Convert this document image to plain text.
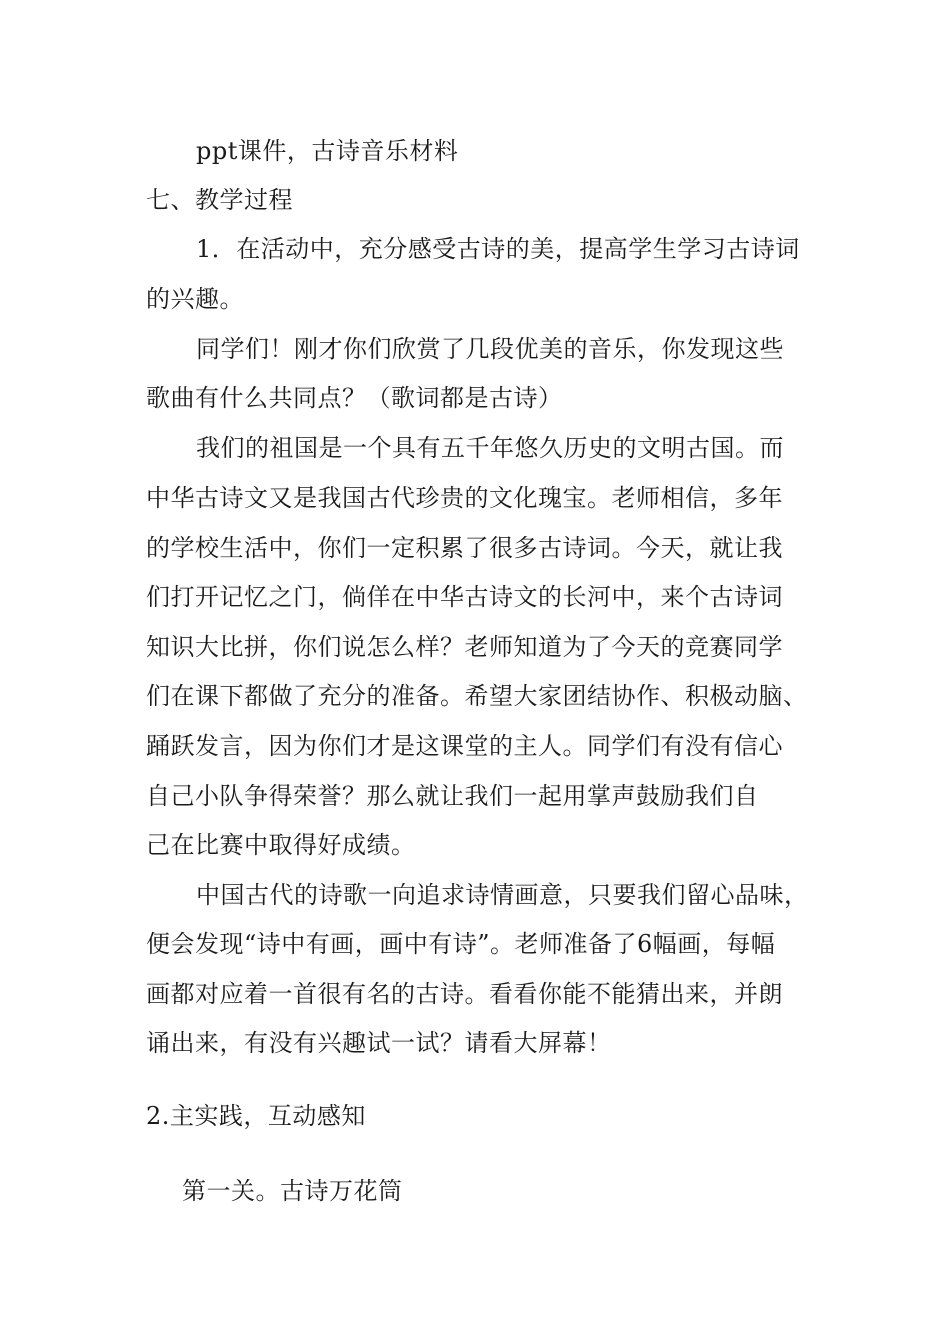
ppt课件，古诗音乐材料
七、教学过程
1．在活动中，充分感受古诗的美，提高学生学习古诗词
的兴趣。
同学们！刚才你们欣赏了几段优美的音乐，你发现这些
歌曲有什么共同点？（歌词都是古诗）
我们的祖国是一个具有五千年悠久历史的文明古国。而
中华古诗文又是我国古代珍贵的文化瑰宝。老师相信，多年
的学校生活中，你们一定积累了很多古诗词。今天，就让我
们打开记忆之门，倘佯在中华古诗文的长河中，来个古诗词
知识大比拼，你们说怎么样？老师知道为了今天的竞赛同学
们在课下都做了充分的准备。希望大家团结协作、积极动脑、
踊跃发言，因为你们才是这课堂的主人。同学们有没有信心
自己小队争得荣誉？那么就让我们一起用掌声鼓励我们自
己在比赛中取得好成绩。
中国古代的诗歌一向追求诗情画意，只要我们留心品味，
便会发现“诗中有画，画中有诗”。老师准备了6幅画，每幅
画都对应着一首很有名的古诗。看看你能不能猜出来，并朗
诵出来，有没有兴趣试一试？请看大屏幕！
2.主实践，互动感知
第一关。古诗万花筒
